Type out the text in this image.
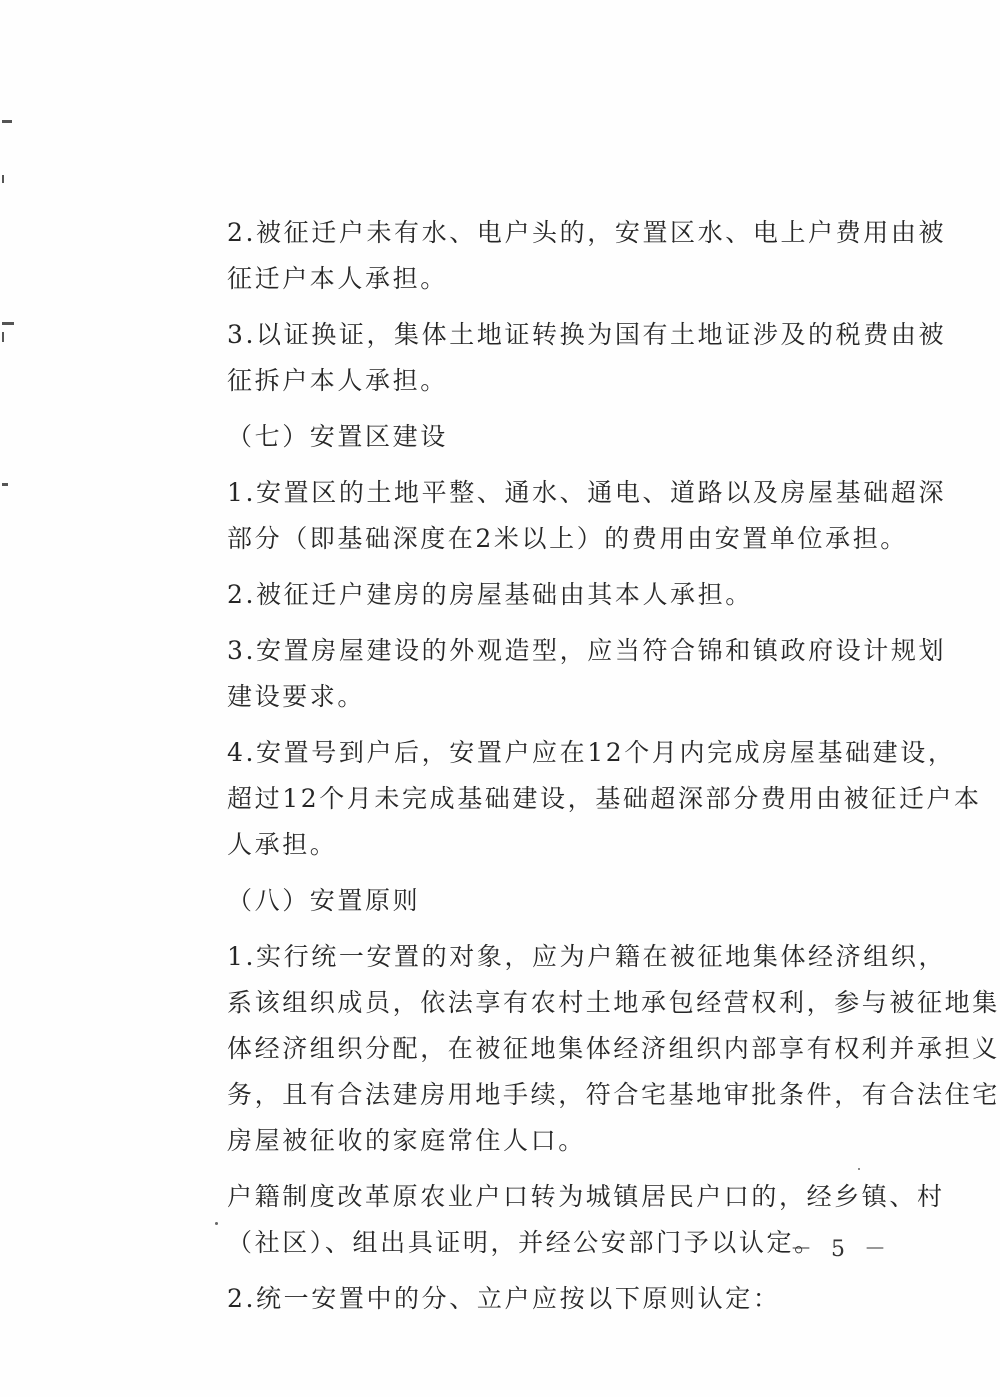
2.被征迁户未有水、电户头的，安置区水、电上户费用由被
征迁户本人承担。
3.以证换证，集体土地证转换为国有土地证涉及的税费由被
征拆户本人承担。
（七）安置区建设
1.安置区的土地平整、通水、通电、道路以及房屋基础超深
部分（即基础深度在2米以上）的费用由安置单位承担。
2.被征迁户建房的房屋基础由其本人承担。
3.安置房屋建设的外观造型，应当符合锦和镇政府设计规划
建设要求。
4.安置号到户后，安置户应在12个月内完成房屋基础建设，
超过12个月未完成基础建设，基础超深部分费用由被征迁户本
人承担。
（八）安置原则
1.实行统一安置的对象，应为户籍在被征地集体经济组织，
系该组织成员，依法享有农村土地承包经营权利，参与被征地集
体经济组织分配，在被征地集体经济组织内部享有权利并承担义
务，且有合法建房用地手续，符合宅基地审批条件，有合法住宅
房屋被征收的家庭常住人口。
户籍制度改革原农业户口转为城镇居民户口的，经乡镇、村
（社区）、组出具证明，并经公安部门予以认定。
2.统一安置中的分、立户应按以下原则认定：
－ 5 －
